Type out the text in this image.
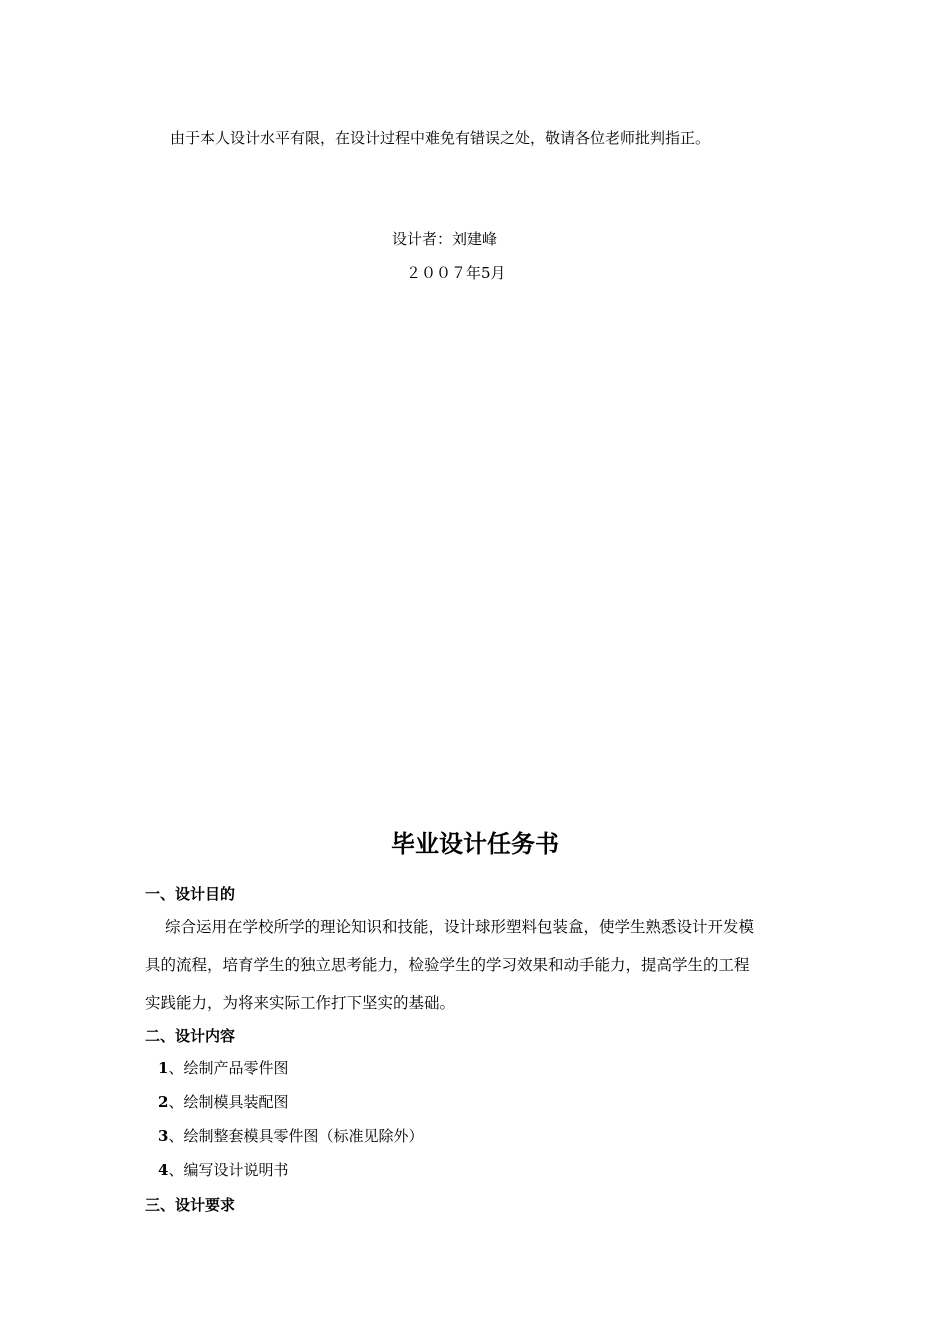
由于本人设计水平有限，在设计过程中难免有错误之处，敬请各位老师批判指正。
设计者：刘建峰
２００７年5月
毕业设计任务书
一、设计目的
综合运用在学校所学的理论知识和技能，设计球形塑料包装盒，使学生熟悉设计开发模
具的流程，培育学生的独立思考能力，检验学生的学习效果和动手能力，提高学生的工程
实践能力，为将来实际工作打下坚实的基础。
二、设计内容
1、绘制产品零件图
2、绘制模具装配图
3、绘制整套模具零件图（标准见除外）
4、编写设计说明书
三、设计要求
